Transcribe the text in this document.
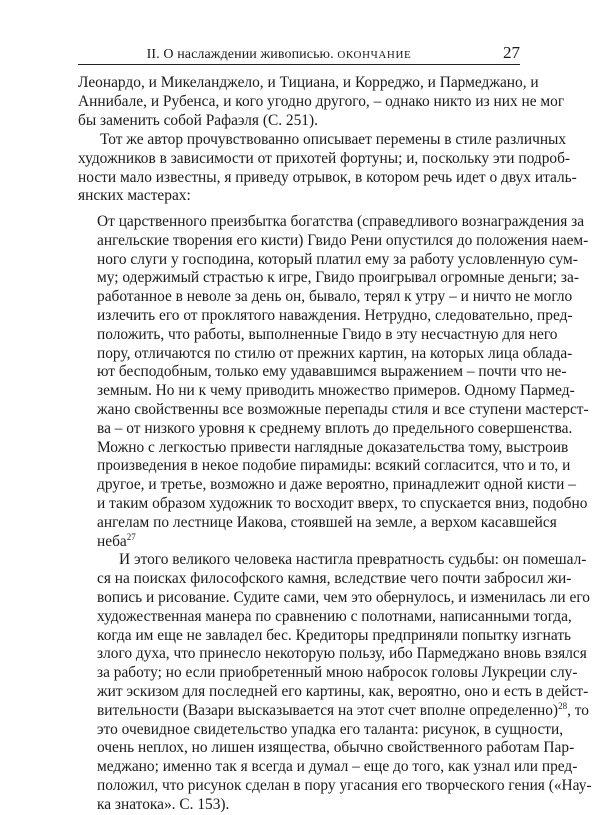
II. О наслаждении живописью. ОКОНЧАНИЕ	27
Леонардо, и Микеланджело, и Тициана, и Корреджо, и Пармеджано, и
Аннибале, и Рубенса, и кого угодно другого, – однако никто из них не мог
бы заменить собой Рафаэля (С. 251).
Тот же автор прочувствованно описывает перемены в стиле различных
художников в зависимости от прихотей фортуны; и, поскольку эти подроб-
ности мало известны, я приведу отрывок, в котором речь идет о двух италь-
янских мастерах:
От царственного преизбытка богатства (справедливого вознаграждения за
ангельские творения его кисти) Гвидо Рени опустился до положения наем-
ного слуги у господина, который платил ему за работу условленную сум-
му; одержимый страстью к игре, Гвидо проигрывал огромные деньги; за-
работанное в неволе за день он, бывало, терял к утру – и ничто не могло
излечить его от проклятого наваждения. Нетрудно, следовательно, пред-
положить, что работы, выполненные Гвидо в эту несчастную для него
пору, отличаются по стилю от прежних картин, на которых лица облада-
ют бесподобным, только ему удававшимся выражением – почти что не-
земным. Но ни к чему приводить множество примеров. Одному Пармед-
жано свойственны все возможные перепады стиля и все ступени мастерст-
ва – от низкого уровня к среднему вплоть до предельного совершенства.
Можно с легкостью привести наглядные доказательства тому, выстроив
произведения в некое подобие пирамиды: всякий согласится, что и то, и
другое, и третье, возможно и даже вероятно, принадлежит одной кисти –
и таким образом художник то восходит вверх, то спускается вниз, подобно
ангелам по лестнице Иакова, стоявшей на земле, а верхом касавшейся
неба$^{27}$
И этого великого человека настигла превратность судьбы: он помешал-
ся на поисках философского камня, вследствие чего почти забросил жи-
вопись и рисование. Судите сами, чем это обернулось, и изменилась ли его
художественная манера по сравнению с полотнами, написанными тогда,
когда им еще не завладел бес. Кредиторы предприняли попытку изгнать
злого духа, что принесло некоторую пользу, ибо Пармеджано вновь взялся
за работу; но если приобретенный мною набросок головы Лукреции слу-
жит эскизом для последней его картины, как, вероятно, оно и есть в дейст-
вительности (Вазари высказывается на этот счет вполне определенно)$^{28}$, то
это очевидное свидетельство упадка его таланта: рисунок, в сущности,
очень неплох, но лишен изящества, обычно свойственного работам Пар-
меджано; именно так я всегда и думал – еще до того, как узнал или пред-
положил, что рисунок сделан в пору угасания его творческого гения («Нау-
ка знатока». С. 153).
